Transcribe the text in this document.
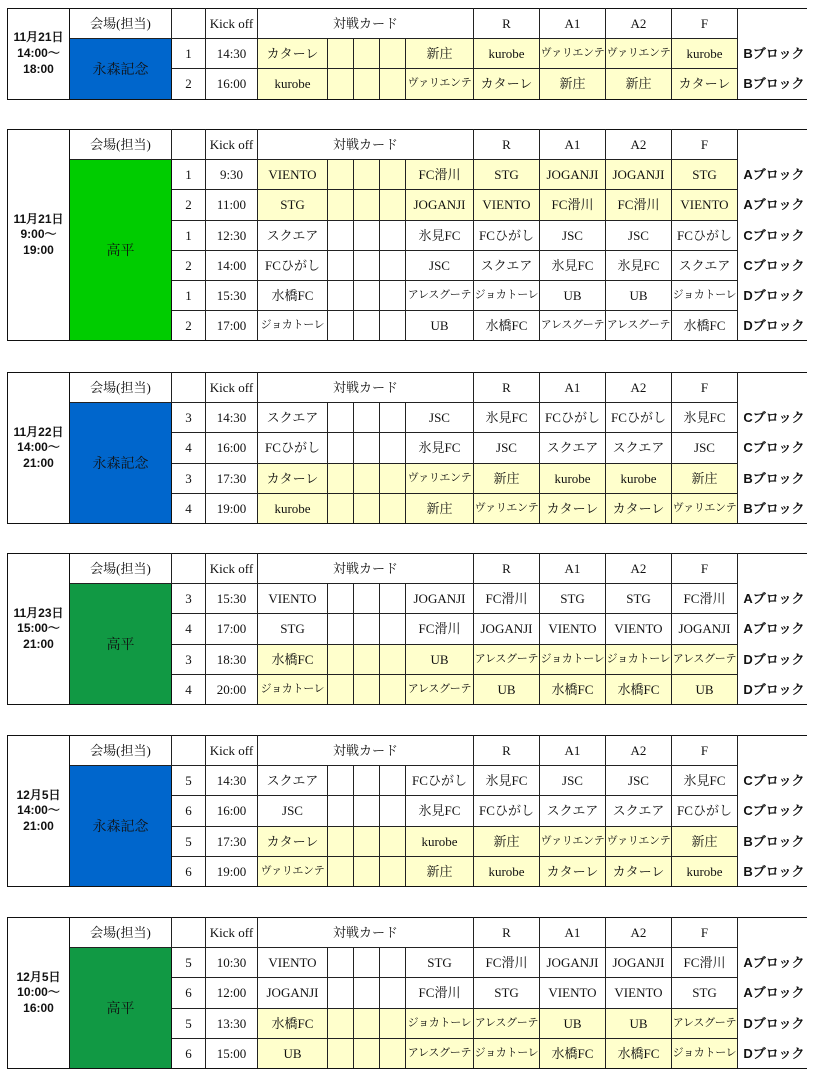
11月21日
14:00〜
18:00	会場(担当)		Kick off	対戦カード					R	A1	A2	F	
	永森記念	1	14:30	カターレ				新庄	kurobe	ヴァリエンテ	ヴァリエンテ	kurobe	Bブロック
		2	16:00	kurobe				ヴァリエンテ	カターレ	新庄	新庄	カターレ	Bブロック
11月21日
9:00〜
19:00	会場(担当)		Kick off	対戦カード					R	A1	A2	F	
	高平	1	9:30	VIENTO				FC滑川	STG	JOGANJI	JOGANJI	STG	Aブロック
		2	11:00	STG				JOGANJI	VIENTO	FC滑川	FC滑川	VIENTO	Aブロック
		1	12:30	スクエア				氷見FC	FCひがし	JSC	JSC	FCひがし	Cブロック
		2	14:00	FCひがし				JSC	スクエア	氷見FC	氷見FC	スクエア	Cブロック
		1	15:30	水橋FC				アレスグーテ	ジョカトーレ	UB	UB	ジョカトーレ	Dブロック
		2	17:00	ジョカトーレ				UB	水橋FC	アレスグーテ	アレスグーテ	水橋FC	Dブロック
11月22日
14:00〜
21:00	会場(担当)		Kick off	対戦カード					R	A1	A2	F	
	永森記念	3	14:30	スクエア				JSC	氷見FC	FCひがし	FCひがし	氷見FC	Cブロック
		4	16:00	FCひがし				氷見FC	JSC	スクエア	スクエア	JSC	Cブロック
		3	17:30	カターレ				ヴァリエンテ	新庄	kurobe	kurobe	新庄	Bブロック
		4	19:00	kurobe				新庄	ヴァリエンテ	カターレ	カターレ	ヴァリエンテ	Bブロック
11月23日
15:00〜
21:00	会場(担当)		Kick off	対戦カード					R	A1	A2	F	
	高平	3	15:30	VIENTO				JOGANJI	FC滑川	STG	STG	FC滑川	Aブロック
		4	17:00	STG				FC滑川	JOGANJI	VIENTO	VIENTO	JOGANJI	Aブロック
		3	18:30	水橋FC				UB	アレスグーテ	ジョカトーレ	ジョカトーレ	アレスグーテ	Dブロック
		4	20:00	ジョカトーレ				アレスグーテ	UB	水橋FC	水橋FC	UB	Dブロック
12月5日
14:00〜
21:00	会場(担当)		Kick off	対戦カード					R	A1	A2	F	
	永森記念	5	14:30	スクエア				FCひがし	氷見FC	JSC	JSC	氷見FC	Cブロック
		6	16:00	JSC				氷見FC	FCひがし	スクエア	スクエア	FCひがし	Cブロック
		5	17:30	カターレ				kurobe	新庄	ヴァリエンテ	ヴァリエンテ	新庄	Bブロック
		6	19:00	ヴァリエンテ				新庄	kurobe	カターレ	カターレ	kurobe	Bブロック
12月5日
10:00〜
16:00	会場(担当)		Kick off	対戦カード					R	A1	A2	F	
	高平	5	10:30	VIENTO				STG	FC滑川	JOGANJI	JOGANJI	FC滑川	Aブロック
		6	12:00	JOGANJI				FC滑川	STG	VIENTO	VIENTO	STG	Aブロック
		5	13:30	水橋FC				ジョカトーレ	アレスグーテ	UB	UB	アレスグーテ	Dブロック
		6	15:00	UB				アレスグーテ	ジョカトーレ	水橋FC	水橋FC	ジョカトーレ	Dブロック
